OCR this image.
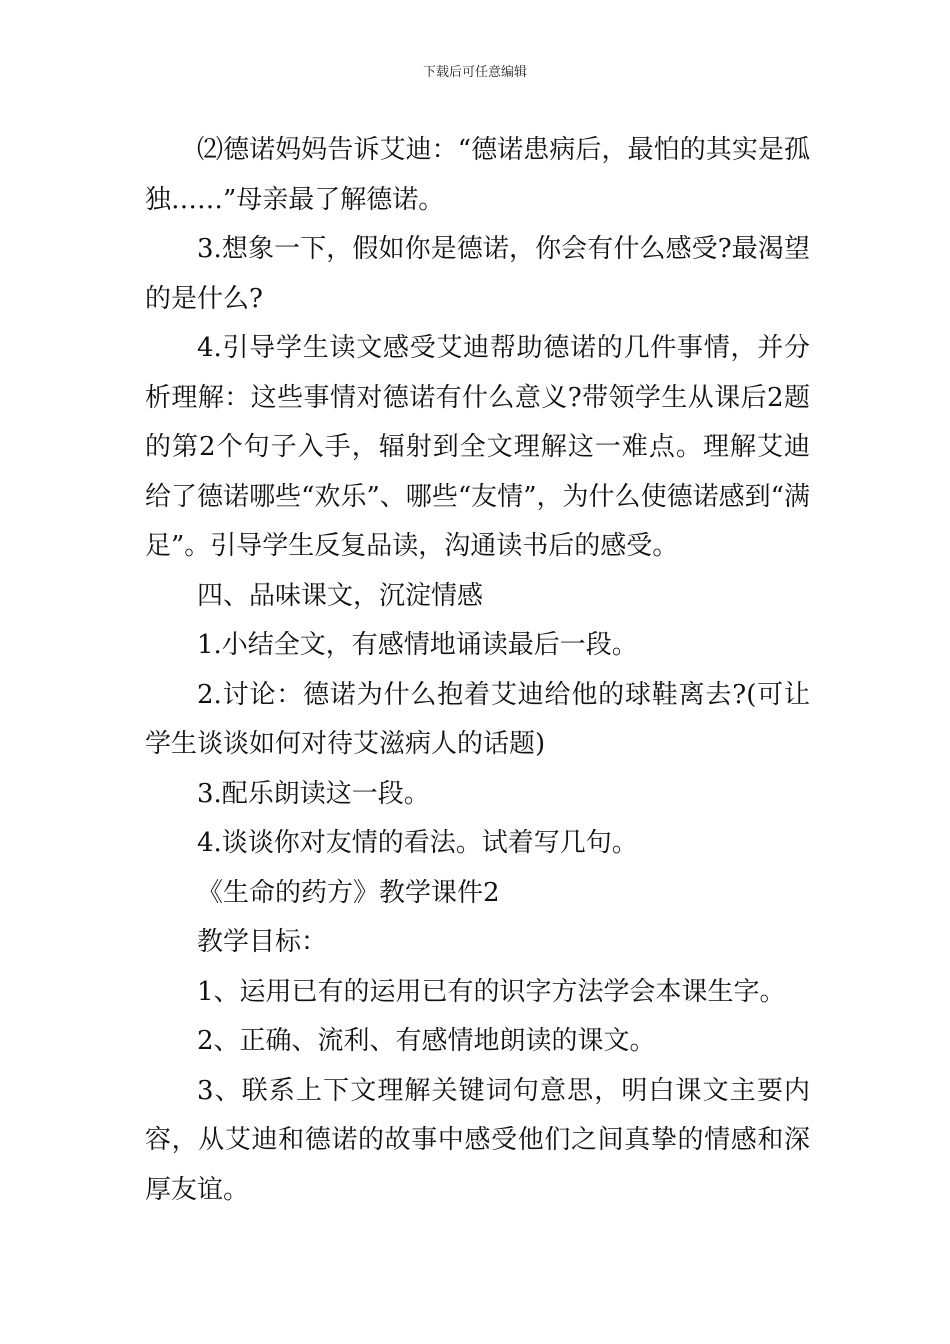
下载后可任意编辑

⑵德诺妈妈告诉艾迪：“德诺患病后，最怕的其实是孤独……”母亲最了解德诺。

3.想象一下，假如你是德诺，你会有什么感受?最渴望的是什么?

4.引导学生读文感受艾迪帮助德诺的几件事情，并分析理解：这些事情对德诺有什么意义?带领学生从课后2题的第2个句子入手，辐射到全文理解这一难点。理解艾迪给了德诺哪些“欢乐”、哪些“友情”，为什么使德诺感到“满足”。引导学生反复品读，沟通读书后的感受。

四、品味课文，沉淀情感

1.小结全文，有感情地诵读最后一段。

2.讨论：德诺为什么抱着艾迪给他的球鞋离去?(可让学生谈谈如何对待艾滋病人的话题)

3.配乐朗读这一段。

4.谈谈你对友情的看法。试着写几句。

《生命的药方》教学课件2

教学目标：

1、运用已有的运用已有的识字方法学会本课生字。

2、正确、流利、有感情地朗读的课文。

3、联系上下文理解关键词句意思，明白课文主要内容，从艾迪和德诺的故事中感受他们之间真挚的情感和深厚友谊。
